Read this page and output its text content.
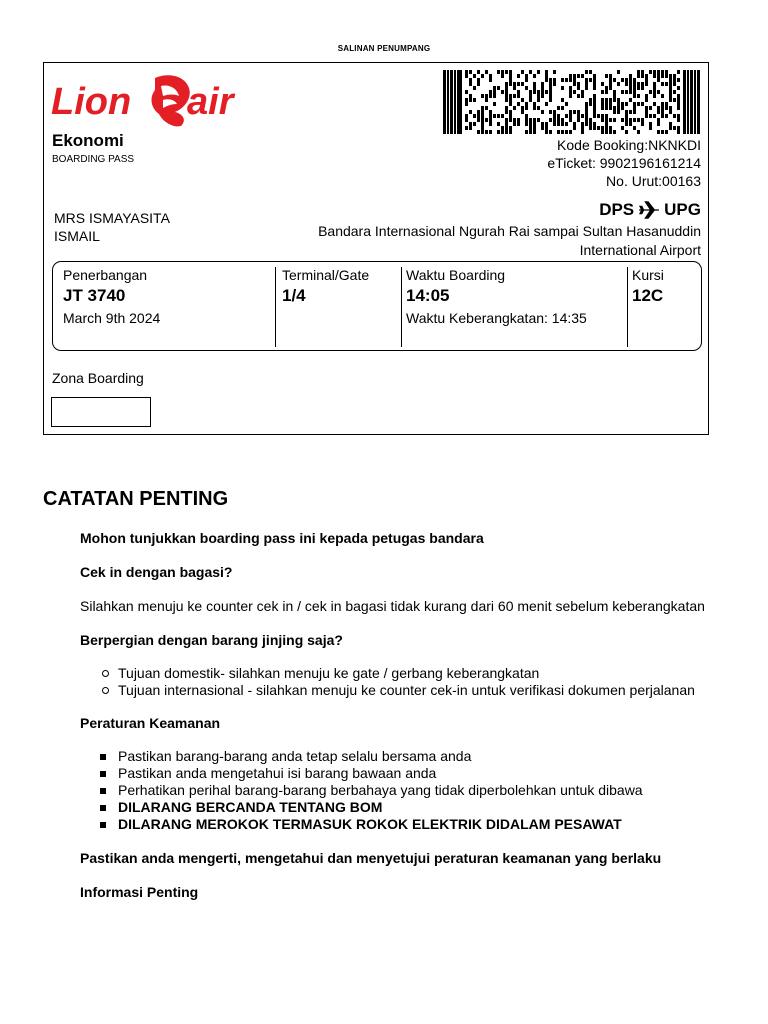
SALINAN PENUMPANG
Lion air
Ekonomi
BOARDING PASS
Kode Booking:NKNKDI
eTicket: 9902196161214
No. Urut:00163
MRS ISMAYASITA
ISMAIL
DPS UPG
Bandara Internasional Ngurah Rai sampai Sultan Hasanuddin International Airport
Penerbangan
JT 3740
March 9th 2024
Terminal/Gate
1/4
Waktu Boarding
14:05
Waktu Keberangkatan: 14:35
Kursi
12C
Zona Boarding
CATATAN PENTING

Mohon tunjukkan boarding pass ini kepada petugas bandara

Cek in dengan bagasi?

Silahkan menuju ke counter cek in / cek in bagasi tidak kurang dari 60 menit sebelum keberangkatan

Berpergian dengan barang jinjing saja?

Tujuan domestik- silahkan menuju ke gate / gerbang keberangkatan
Tujuan internasional - silahkan menuju ke counter cek-in untuk verifikasi dokumen perjalanan

Peraturan Keamanan

Pastikan barang-barang anda tetap selalu bersama anda
Pastikan anda mengetahui isi barang bawaan anda
Perhatikan perihal barang-barang berbahaya yang tidak diperbolehkan untuk dibawa
DILARANG BERCANDA TENTANG BOM
DILARANG MEROKOK TERMASUK ROKOK ELEKTRIK DIDALAM PESAWAT

Pastikan anda mengerti, mengetahui dan menyetujui peraturan keamanan yang berlaku

Informasi Penting
